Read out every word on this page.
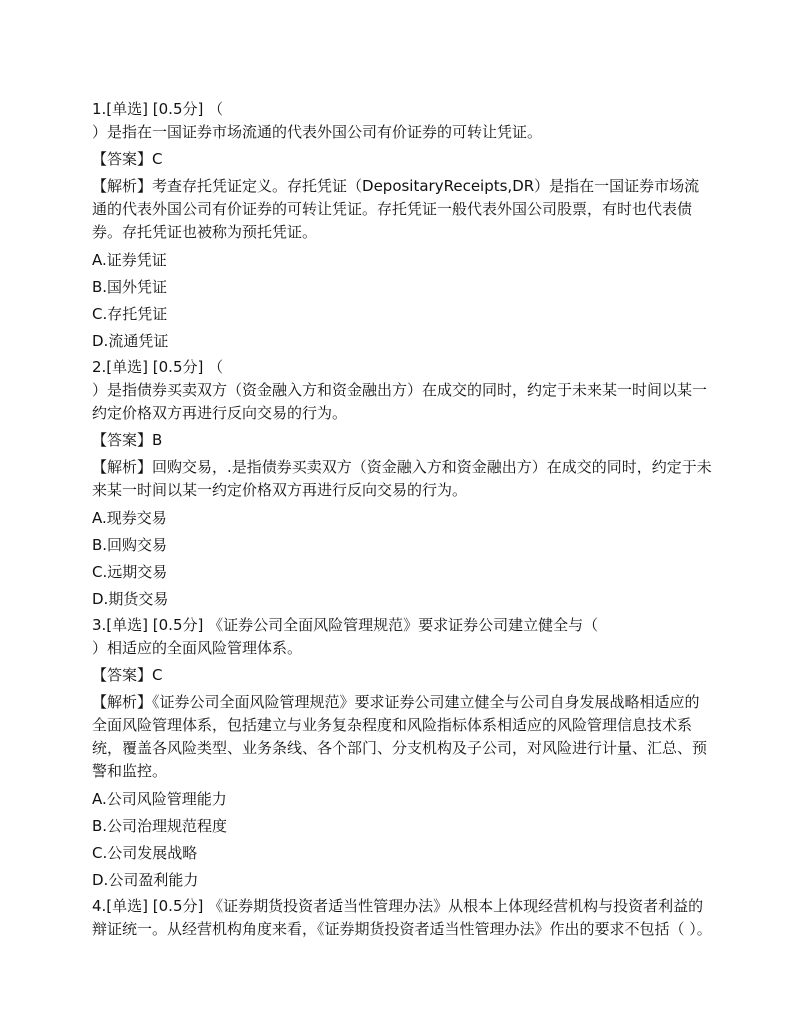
1.[单选] [0.5分] （
）是指在一国证券市场流通的代表外国公司有价证券的可转让凭证。
【答案】C
【解析】考查存托凭证定义。存托凭证（DepositaryReceipts,DR）是指在一国证券市场流通的代表外国公司有价证券的可转让凭证。存托凭证一般代表外国公司股票，有时也代表债券。存托凭证也被称为预托凭证。
A.证券凭证
B.国外凭证
C.存托凭证
D.流通凭证
2.[单选] [0.5分] （
）是指债券买卖双方（资金融入方和资金融出方）在成交的同时，约定于未来某一时间以某一约定价格双方再进行反向交易的行为。
【答案】B
【解析】回购交易，.是指债券买卖双方（资金融入方和资金融出方）在成交的同时，约定于未来某一时间以某一约定价格双方再进行反向交易的行为。
A.现券交易
B.回购交易
C.远期交易
D.期货交易
3.[单选] [0.5分] 《证券公司全面风险管理规范》要求证券公司建立健全与（
）相适应的全面风险管理体系。
【答案】C
【解析】《证券公司全面风险管理规范》要求证券公司建立健全与公司自身发展战略相适应的全面风险管理体系，包括建立与业务复杂程度和风险指标体系相适应的风险管理信息技术系统，覆盖各风险类型、业务条线、各个部门、分支机构及子公司，对风险进行计量、汇总、预警和监控。
A.公司风险管理能力
B.公司治理规范程度
C.公司发展战略
D.公司盈利能力
4.[单选] [0.5分] 《证券期货投资者适当性管理办法》从根本上体现经营机构与投资者利益的辩证统一。从经营机构角度来看，《证券期货投资者适当性管理办法》作出的要求不包括（ ）。
